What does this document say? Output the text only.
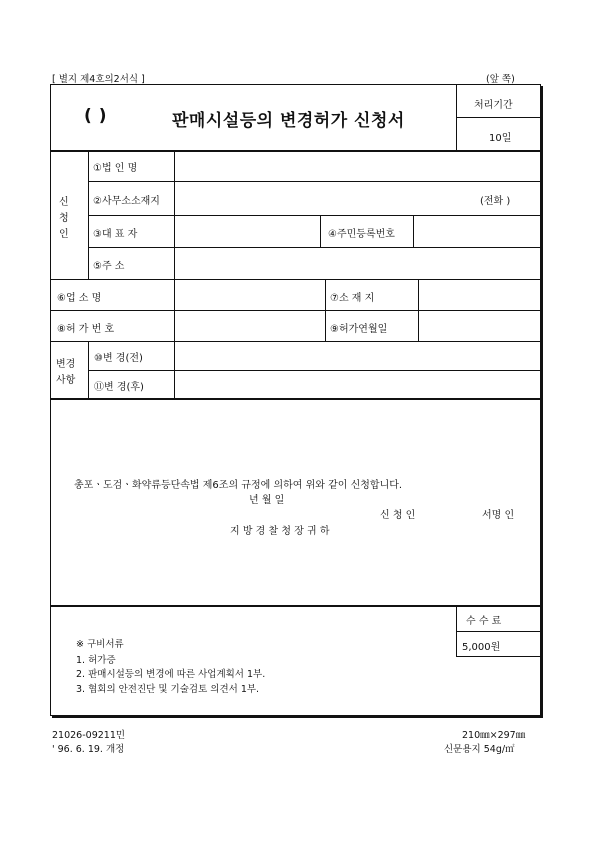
[ 별지 제4호의2서식 ]	(앞 쪽)
( )	판매시설등의 변경허가 신청서
처리기간
10일
신
청
인
①법 인 명
②사무소소재지	(전화 )
③대 표 자	④주민등록번호
⑤주 소
⑥업 소 명	⑦소 재 지
⑧허 가 번 호	⑨허가연월일
변경
사항
⑩변 경(전)
⑪변 경(후)
총포ㆍ도검ㆍ화약류등단속법 제6조의 규정에 의하여 위와 같이 신청합니다.
년 월 일
신 청 인	서명 인
지 방 경 찰 청 장 귀 하
수 수 료
5,000원
※ 구비서류
1. 허가증
2. 판매시설등의 변경에 따른 사업계획서 1부.
3. 협회의 안전진단 및 기술검토 의견서 1부.
21026-09211민
' 96. 6. 19. 개정
210㎜×297㎜
신문용지 54g/㎡
